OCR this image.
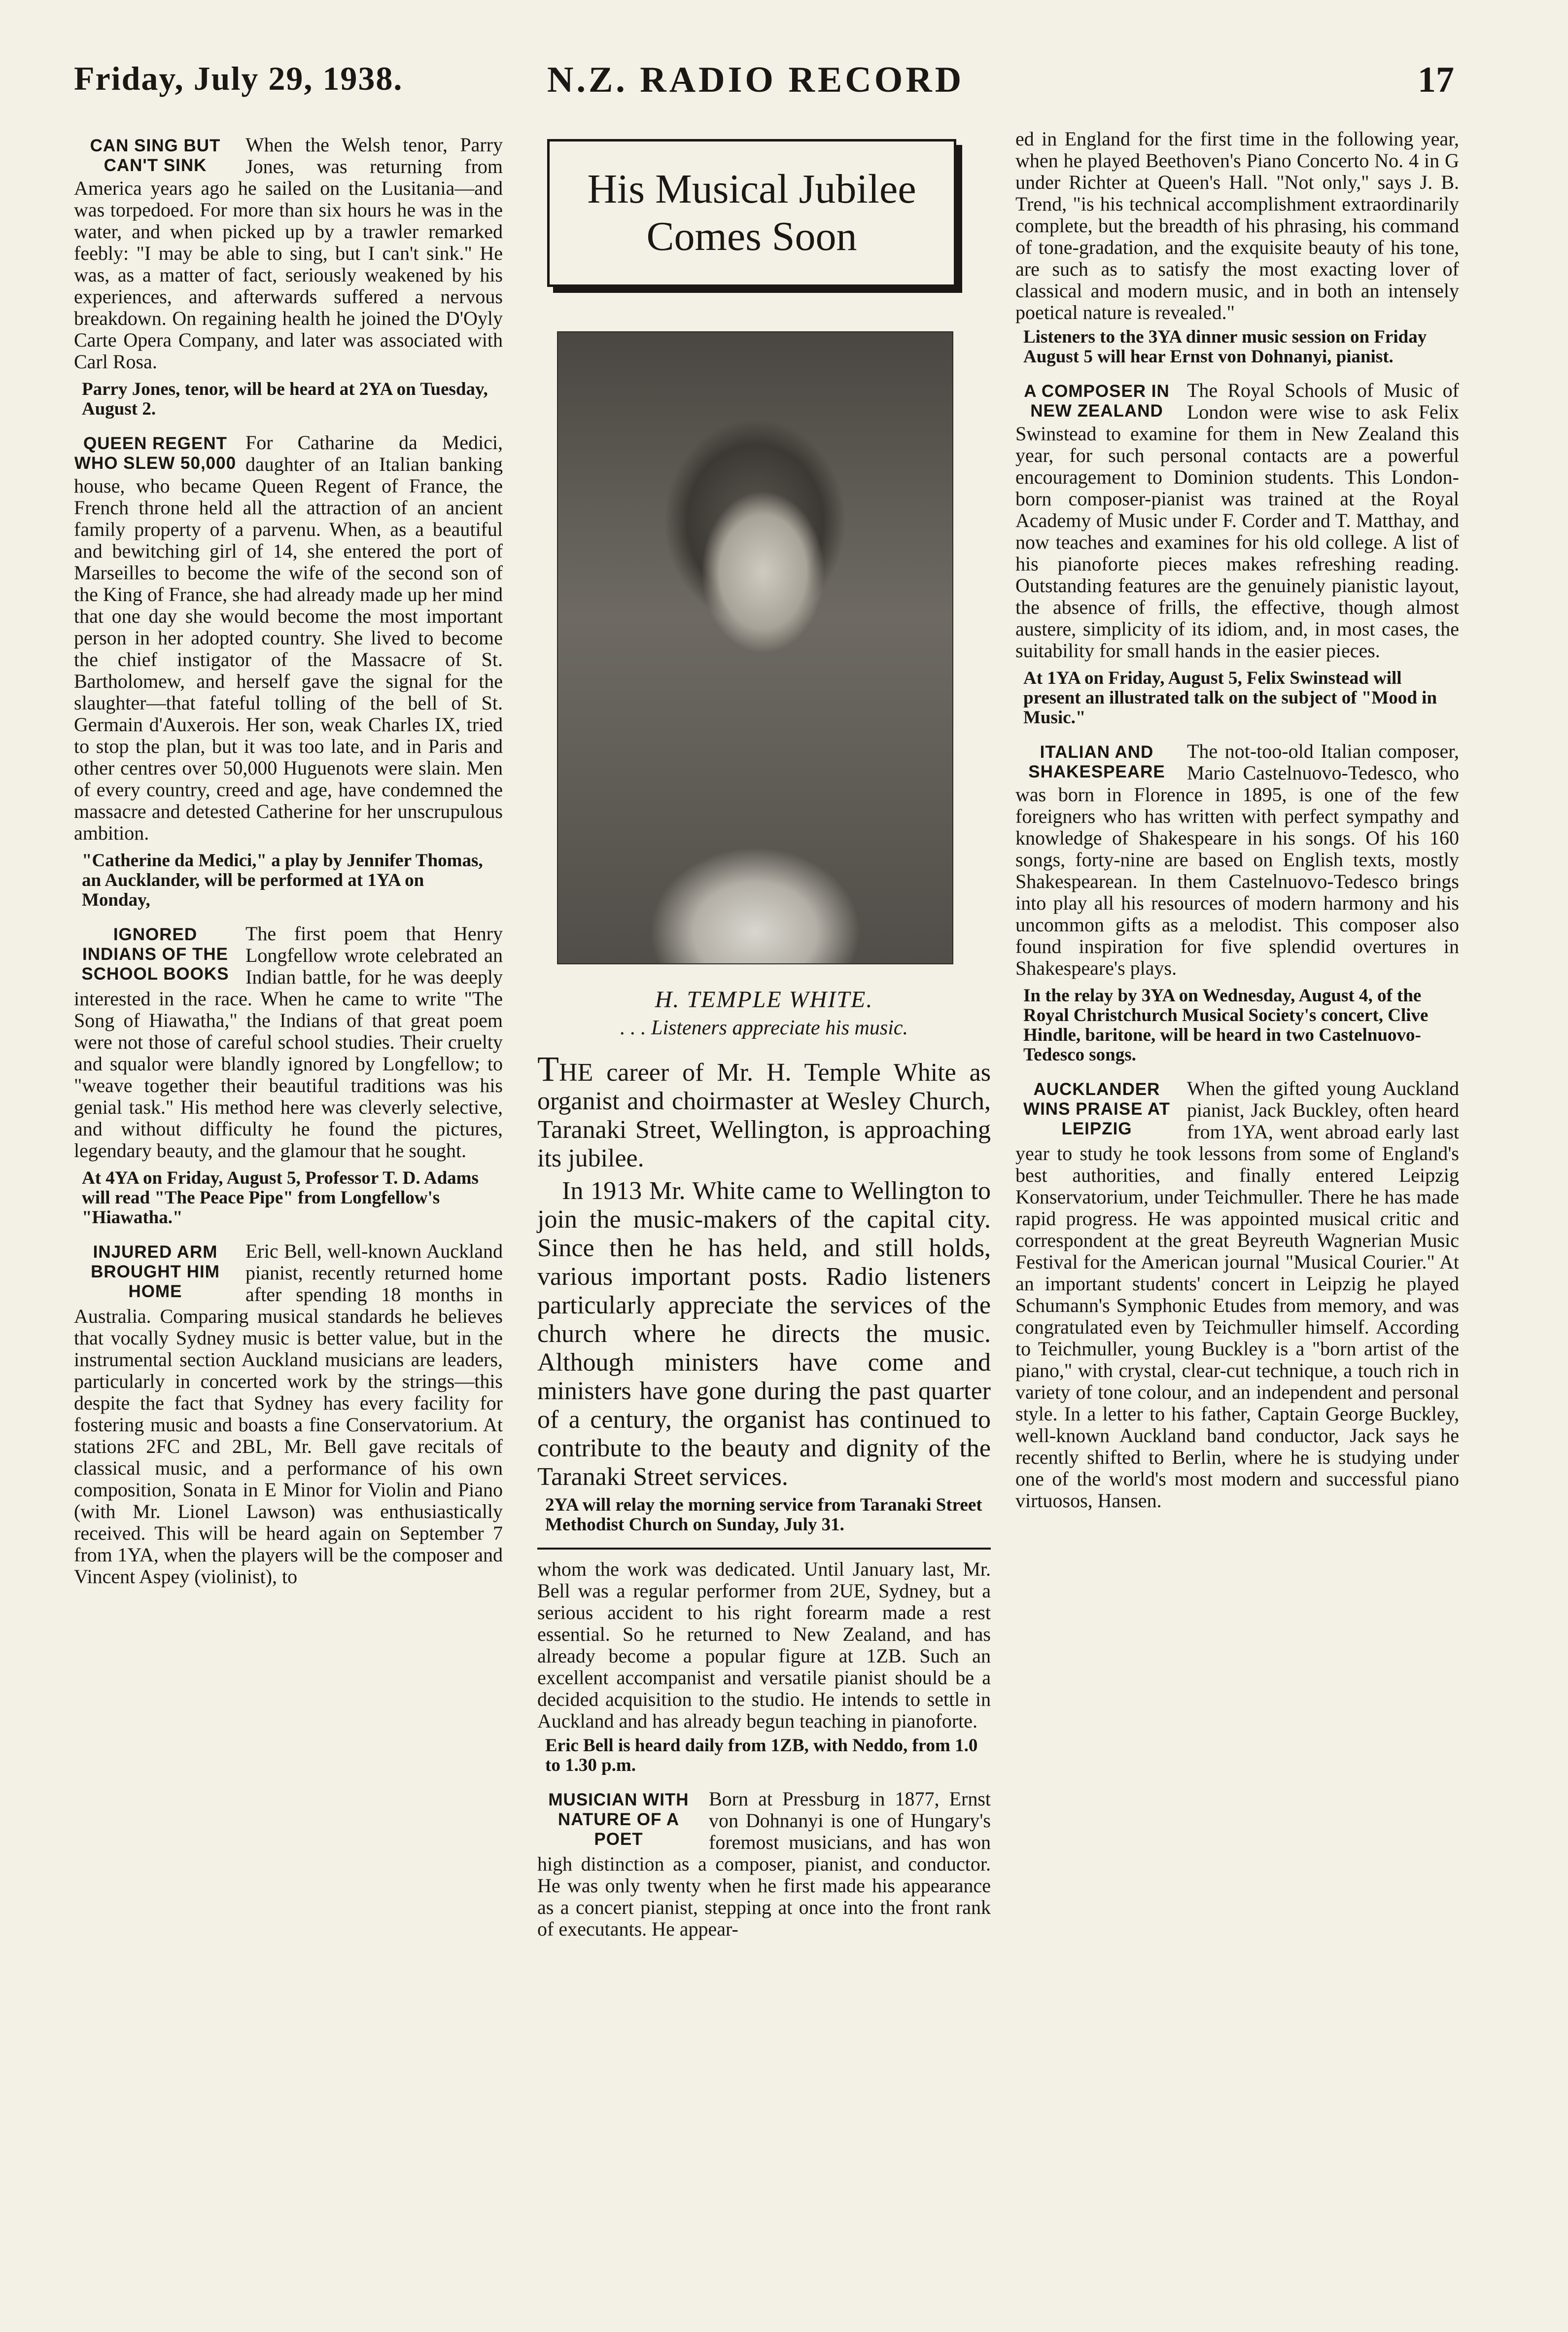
Friday, July 29, 1938.	N.Z. RADIO RECORD	17
CAN SING BUT CAN'T SINK

When the Welsh tenor, Parry Jones, was returning from America years ago he sailed on the Lusitania—and was torpedoed. For more than six hours he was in the water, and when picked up by a trawler remarked feebly: "I may be able to sing, but I can't sink." He was, as a matter of fact, seriously weakened by his experiences, and afterwards suffered a nervous breakdown. On regaining health he joined the D'Oyly Carte Opera Company, and later was associated with Carl Rosa.

Parry Jones, tenor, will be heard at 2YA on Tuesday, August 2.

QUEEN REGENT WHO SLEW 50,000

For Catharine da Medici, daughter of an Italian banking house, who became Queen Regent of France, the French throne held all the attraction of an ancient family property of a parvenu. When, as a beautiful and bewitching girl of 14, she entered the port of Marseilles to become the wife of the second son of the King of France, she had already made up her mind that one day she would become the most important person in her adopted country. She lived to become the chief instigator of the Massacre of St. Bartholomew, and herself gave the signal for the slaughter—that fateful tolling of the bell of St. Germain d'Auxerois. Her son, weak Charles IX, tried to stop the plan, but it was too late, and in Paris and other centres over 50,000 Huguenots were slain. Men of every country, creed and age, have condemned the massacre and detested Catherine for her unscrupulous ambition.

"Catherine da Medici," a play by Jennifer Thomas, an Aucklander, will be performed at 1YA on Monday,

IGNORED INDIANS OF THE SCHOOL BOOKS

The first poem that Henry Longfellow wrote celebrated an Indian battle, for he was deeply interested in the race. When he came to write "The Song of Hiawatha," the Indians of that great poem were not those of careful school studies. Their cruelty and squalor were blandly ignored by Longfellow; to "weave together their beautiful traditions was his genial task." His method here was cleverly selective, and without difficulty he found the pictures, legendary beauty, and the glamour that he sought.

At 4YA on Friday, August 5, Professor T. D. Adams will read "The Peace Pipe" from Longfellow's "Hiawatha."

INJURED ARM BROUGHT HIM HOME

Eric Bell, well-known Auckland pianist, recently returned home after spending 18 months in Australia. Comparing musical standards he believes that vocally Sydney music is better value, but in the instrumental section Auckland musicians are leaders, particularly in concerted work by the strings—this despite the fact that Sydney has every facility for fostering music and boasts a fine Conservatorium. At stations 2FC and 2BL, Mr. Bell gave recitals of classical music, and a performance of his own composition, Sonata in E Minor for Violin and Piano (with Mr. Lionel Lawson) was enthusiastically received. This will be heard again on September 7 from 1YA, when the players will be the composer and Vincent Aspey (violinist), to

His Musical Jubilee Comes Soon
H. TEMPLE WHITE.
. . . Listeners appreciate his music.

THE career of Mr. H. Temple White as organist and choirmaster at Wesley Church, Taranaki Street, Wellington, is approaching its jubilee.

In 1913 Mr. White came to Wellington to join the music-makers of the capital city. Since then he has held, and still holds, various important posts. Radio listeners particularly appreciate the services of the church where he directs the music. Although ministers have come and ministers have gone during the past quarter of a century, the organist has continued to contribute to the beauty and dignity of the Taranaki Street services.

2YA will relay the morning service from Taranaki Street Methodist Church on Sunday, July 31.

whom the work was dedicated. Until January last, Mr. Bell was a regular performer from 2UE, Sydney, but a serious accident to his right forearm made a rest essential. So he returned to New Zealand, and has already become a popular figure at 1ZB. Such an excellent accompanist and versatile pianist should be a decided acquisition to the studio. He intends to settle in Auckland and has already begun teaching in pianoforte.

Eric Bell is heard daily from 1ZB, with Neddo, from 1.0 to 1.30 p.m.

MUSICIAN WITH NATURE OF A POET

Born at Pressburg in 1877, Ernst von Dohnanyi is one of Hungary's foremost musicians, and has won high distinction as a composer, pianist, and conductor. He was only twenty when he first made his appearance as a concert pianist, stepping at once into the front rank of executants. He appear-

ed in England for the first time in the following year, when he played Beethoven's Piano Concerto No. 4 in G under Richter at Queen's Hall. "Not only," says J. B. Trend, "is his technical accomplishment extraordinarily complete, but the breadth of his phrasing, his command of tone-gradation, and the exquisite beauty of his tone, are such as to satisfy the most exacting lover of classical and modern music, and in both an intensely poetical nature is revealed."

Listeners to the 3YA dinner music session on Friday August 5 will hear Ernst von Dohnanyi, pianist.

A COMPOSER IN NEW ZEALAND

The Royal Schools of Music of London were wise to ask Felix Swinstead to examine for them in New Zealand this year, for such personal contacts are a powerful encouragement to Dominion students. This London-born composer-pianist was trained at the Royal Academy of Music under F. Corder and T. Matthay, and now teaches and examines for his old college. A list of his pianoforte pieces makes refreshing reading. Outstanding features are the genuinely pianistic layout, the absence of frills, the effective, though almost austere, simplicity of its idiom, and, in most cases, the suitability for small hands in the easier pieces.

At 1YA on Friday, August 5, Felix Swinstead will present an illustrated talk on the subject of "Mood in Music."

ITALIAN AND SHAKESPEARE

The not-too-old Italian composer, Mario Castelnuovo-Tedesco, who was born in Florence in 1895, is one of the few foreigners who has written with perfect sympathy and knowledge of Shakespeare in his songs. Of his 160 songs, forty-nine are based on English texts, mostly Shakespearean. In them Castelnuovo-Tedesco brings into play all his resources of modern harmony and his uncommon gifts as a melodist. This composer also found inspiration for five splendid overtures in Shakespeare's plays.

In the relay by 3YA on Wednesday, August 4, of the Royal Christchurch Musical Society's concert, Clive Hindle, baritone, will be heard in two Castelnuovo-Tedesco songs.

AUCKLANDER WINS PRAISE AT LEIPZIG

When the gifted young Auckland pianist, Jack Buckley, often heard from 1YA, went abroad early last year to study he took lessons from some of England's best authorities, and finally entered Leipzig Konservatorium, under Teichmuller. There he has made rapid progress. He was appointed musical critic and correspondent at the great Beyreuth Wagnerian Music Festival for the American journal "Musical Courier." At an important students' concert in Leipzig he played Schumann's Symphonic Etudes from memory, and was congratulated even by Teichmuller himself. According to Teichmuller, young Buckley is a "born artist of the piano," with crystal, clear-cut technique, a touch rich in variety of tone colour, and an independent and personal style. In a letter to his father, Captain George Buckley, well-known Auckland band conductor, Jack says he recently shifted to Berlin, where he is studying under one of the world's most modern and successful piano virtuosos, Hansen.
